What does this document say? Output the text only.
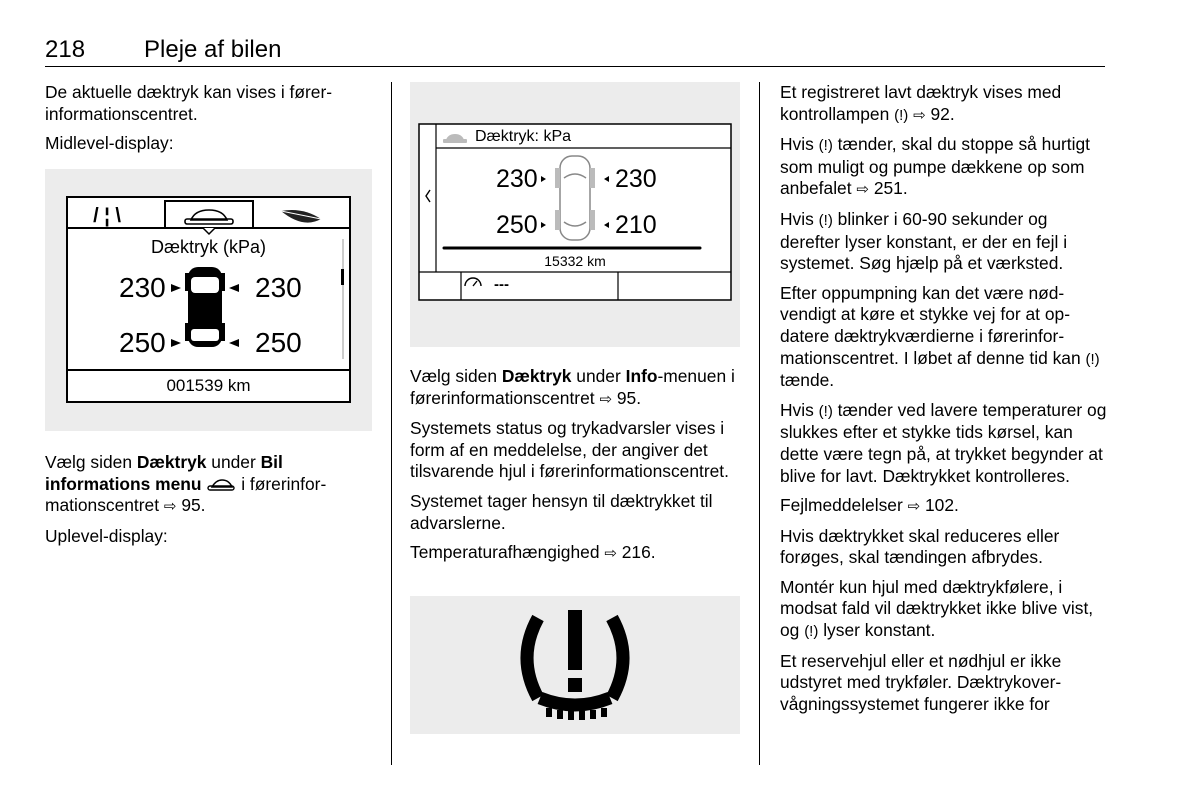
218 Pleje af bilen

De aktuelle dæktryk kan vises i førerinformationscentret.

Midlevel-display:

/ ¦ \
Dæktryk (kPa)
230	230
250	250
001539 km

Vælg siden Dæktryk under Bil informations menu  i førerinformationscentret ⇨ 95.

Uplevel-display:

Dæktryk: kPa
230	230
250	210
15332 km
---

Vælg siden Dæktryk under Info-menuen i førerinformationscentret ⇨ 95.

Systemets status og trykadvarsler vises i form af en meddelelse, der angiver det tilsvarende hjul i førerinformationscentret.

Systemet tager hensyn til dæktrykket til advarslerne.

Temperaturafhængighed ⇨ 216.

Et registreret lavt dæktryk vises med kontrollampen (!) ⇨ 92.

Hvis (!) tænder, skal du stoppe så hurtigt som muligt og pumpe dækkene op som anbefalet ⇨ 251.

Hvis (!) blinker i 60-90 sekunder og derefter lyser konstant, er der en fejl i systemet. Søg hjælp på et værksted.

Efter oppumpning kan det være nødvendigt at køre et stykke vej for at opdatere dæktrykværdierne i førerinformationscentret. I løbet af denne tid kan (!) tænde.

Hvis (!) tænder ved lavere temperaturer og slukkes efter et stykke tids kørsel, kan dette være tegn på, at trykket begynder at blive for lavt. Dæktrykket kontrolleres.

Fejlmeddelelser ⇨ 102.

Hvis dæktrykket skal reduceres eller forøges, skal tændingen afbrydes.

Montér kun hjul med dæktrykfølere, i modsat fald vil dæktrykket ikke blive vist, og (!) lyser konstant.

Et reservehjul eller et nødhjul er ikke udstyret med trykføler. Dæktrykovervågningssystemet fungerer ikke for
